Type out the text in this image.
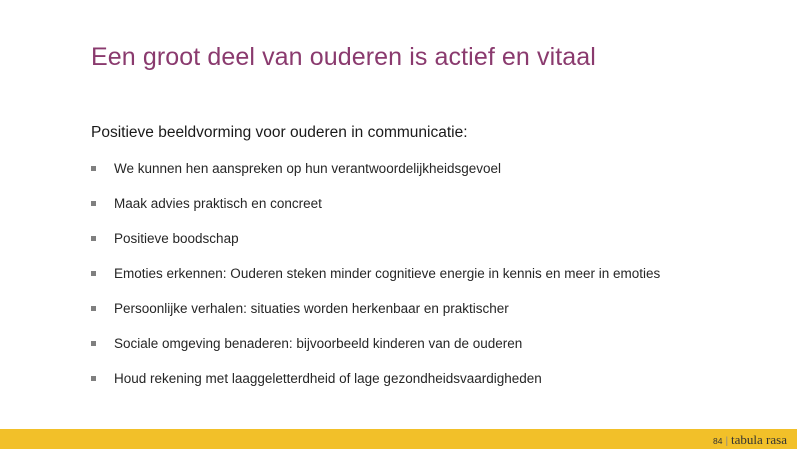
Een groot deel van ouderen is actief en vitaal
Positieve beeldvorming voor ouderen in communicatie:
We kunnen hen aanspreken op hun verantwoordelijkheidsgevoel
Maak advies praktisch en concreet
Positieve boodschap
Emoties erkennen: Ouderen steken minder cognitieve energie in kennis en meer in emoties
Persoonlijke verhalen: situaties worden herkenbaar en praktischer
Sociale omgeving benaderen: bijvoorbeeld kinderen van de ouderen
Houd rekening met laaggeletterdheid of lage gezondheidsvaardigheden
84 | tabula rasa
